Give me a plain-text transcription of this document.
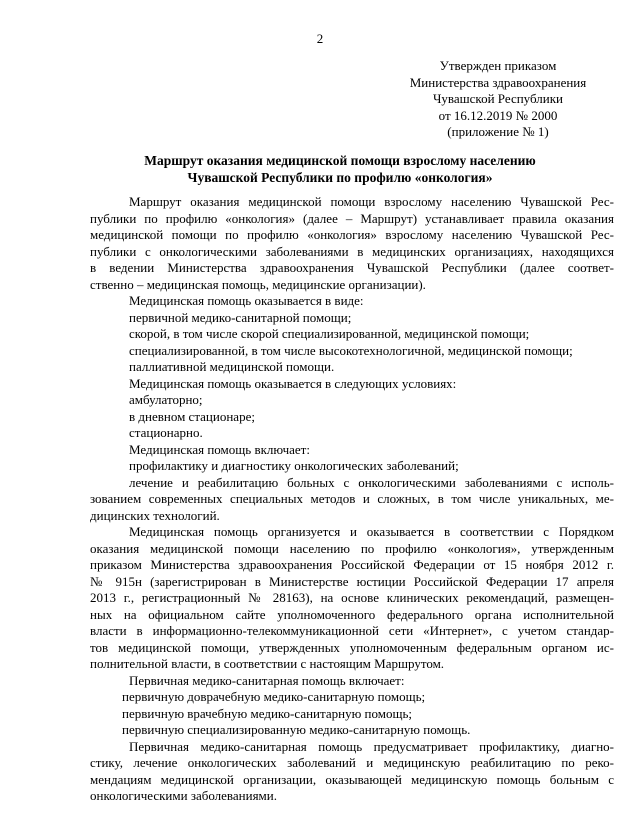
2
Утвержден приказом
Министерства здравоохранения
Чувашской Республики
от 16.12.2019 № 2000
(приложение № 1)
Маршрут оказания медицинской помощи взрослому населению
Чувашской Республики по профилю «онкология»
Маршрут оказания медицинской помощи взрослому населению Чувашской Рес-
публики по профилю «онкология» (далее – Маршрут) устанавливает правила оказания
медицинской помощи по профилю «онкология» взрослому населению Чувашской Рес-
публики с онкологическими заболеваниями в медицинских организациях, находящихся
в ведении Министерства здравоохранения Чувашской Республики (далее соответ-
ственно – медицинская помощь, медицинские организации).
Медицинская помощь оказывается в виде:
первичной медико-санитарной помощи;
скорой, в том числе скорой специализированной, медицинской помощи;
специализированной, в том числе высокотехнологичной, медицинской помощи;
паллиативной медицинской помощи.
Медицинская помощь оказывается в следующих условиях:
амбулаторно;
в дневном стационаре;
стационарно.
Медицинская помощь включает:
профилактику и диагностику онкологических заболеваний;
лечение и реабилитацию больных с онкологическими заболеваниями с исполь-
зованием современных специальных методов и сложных, в том числе уникальных, ме-
дицинских технологий.
Медицинская помощь организуется и оказывается в соответствии с Порядком
оказания медицинской помощи населению по профилю «онкология», утвержденным
приказом Министерства здравоохранения Российской Федерации от 15 ноября 2012 г.
№ 915н (зарегистрирован в Министерстве юстиции Российской Федерации 17 апреля
2013 г., регистрационный № 28163), на основе клинических рекомендаций, размещен-
ных на официальном сайте уполномоченного федерального органа исполнительной
власти в информационно-телекоммуникационной сети «Интернет», с учетом стандар-
тов медицинской помощи, утвержденных уполномоченным федеральным органом ис-
полнительной власти, в соответствии с настоящим Маршрутом.
Первичная медико-санитарная помощь включает:
первичную доврачебную медико-санитарную помощь;
первичную врачебную медико-санитарную помощь;
первичную специализированную медико-санитарную помощь.
Первичная медико-санитарная помощь предусматривает профилактику, диагно-
стику, лечение онкологических заболеваний и медицинскую реабилитацию по реко-
мендациям медицинской организации, оказывающей медицинскую помощь больным с
онкологическими заболеваниями.
